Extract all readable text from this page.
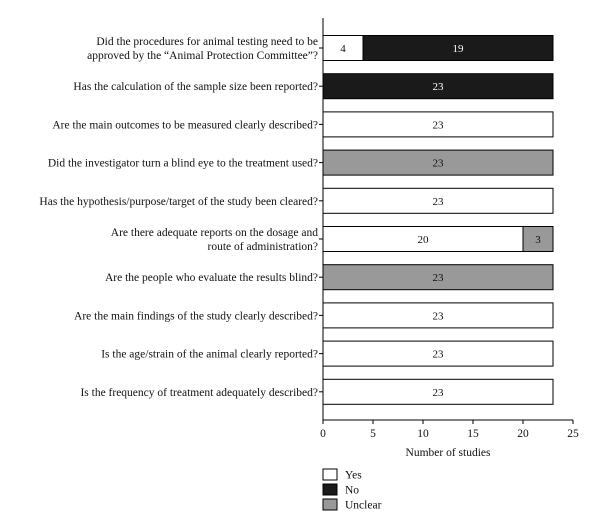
4	19
23
23
23
23
20	3
23
23
23
23
Did the procedures for animal testing need to be
approved by the “Animal Protection Committee”?
Has the calculation of the sample size been reported?
Are the main outcomes to be measured clearly described?
Did the investigator turn a blind eye to the treatment used?
Has the hypothesis/purpose/target of the study been cleared?
Are there adequate reports on the dosage and
route of administration?
Are the people who evaluate the results blind?
Are the main findings of the study clearly described?
Is the age/strain of the animal clearly reported?
Is the frequency of treatment adequately described?
0	5	10	15	20	25
Number of studies
Yes
No
Unclear
